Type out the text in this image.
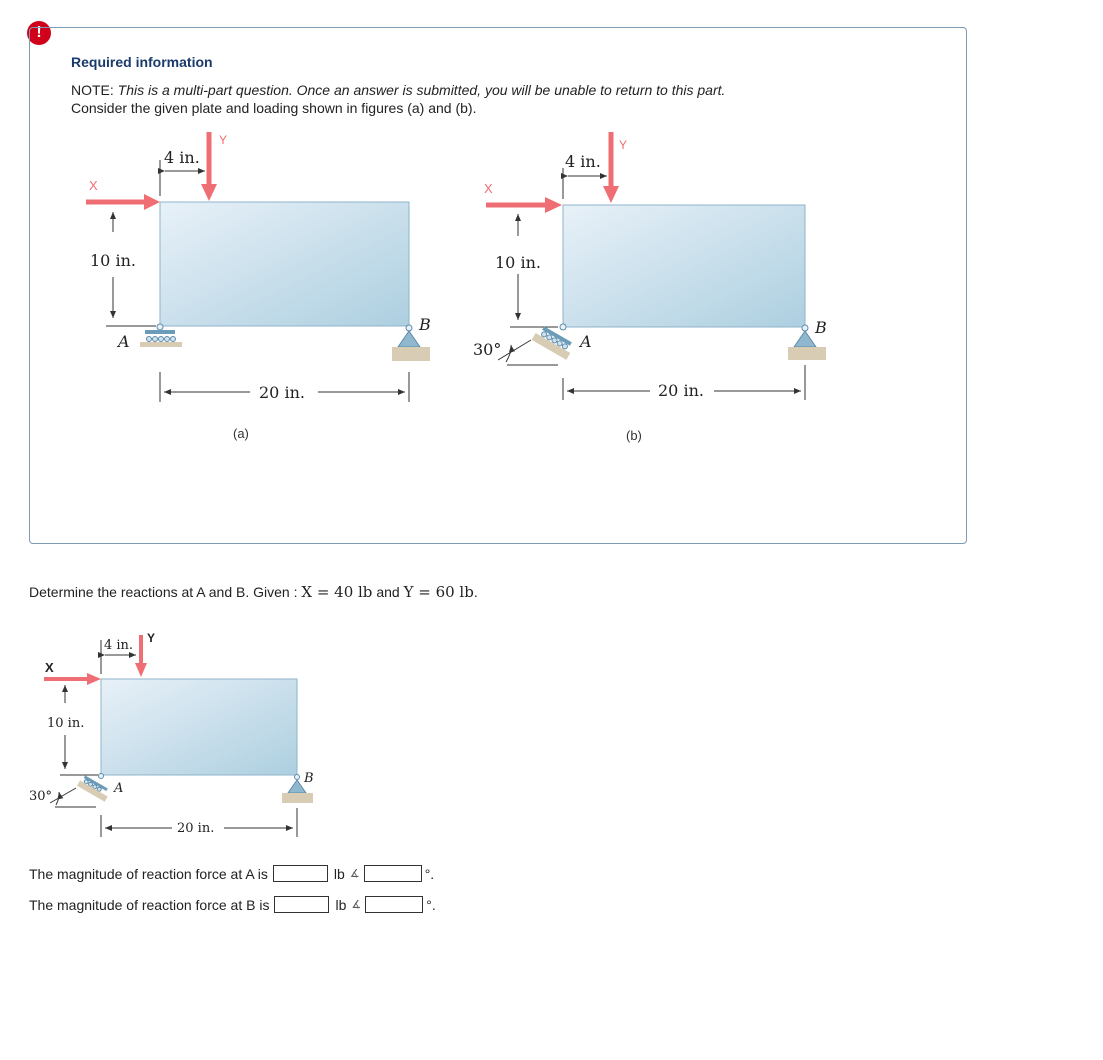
!
Required information
NOTE: This is a multi-part question. Once an answer is submitted, you will be unable to return to this part.
Consider the given plate and loading shown in figures (a) and (b).
X
Y
4 in.
10 in.
A
B
20 in.
(a)
X
Y
4 in.
10 in.
A
30°
B
20 in.
(b)
Determine the reactions at A and B. Given : X = 40 lb and Y = 60 lb.
X
Y
4 in.
10 in.
A
30°
B
20 in.
The magnitude of reaction force at A is	lb ∡	°.
The magnitude of reaction force at B is	lb ∡	°.
